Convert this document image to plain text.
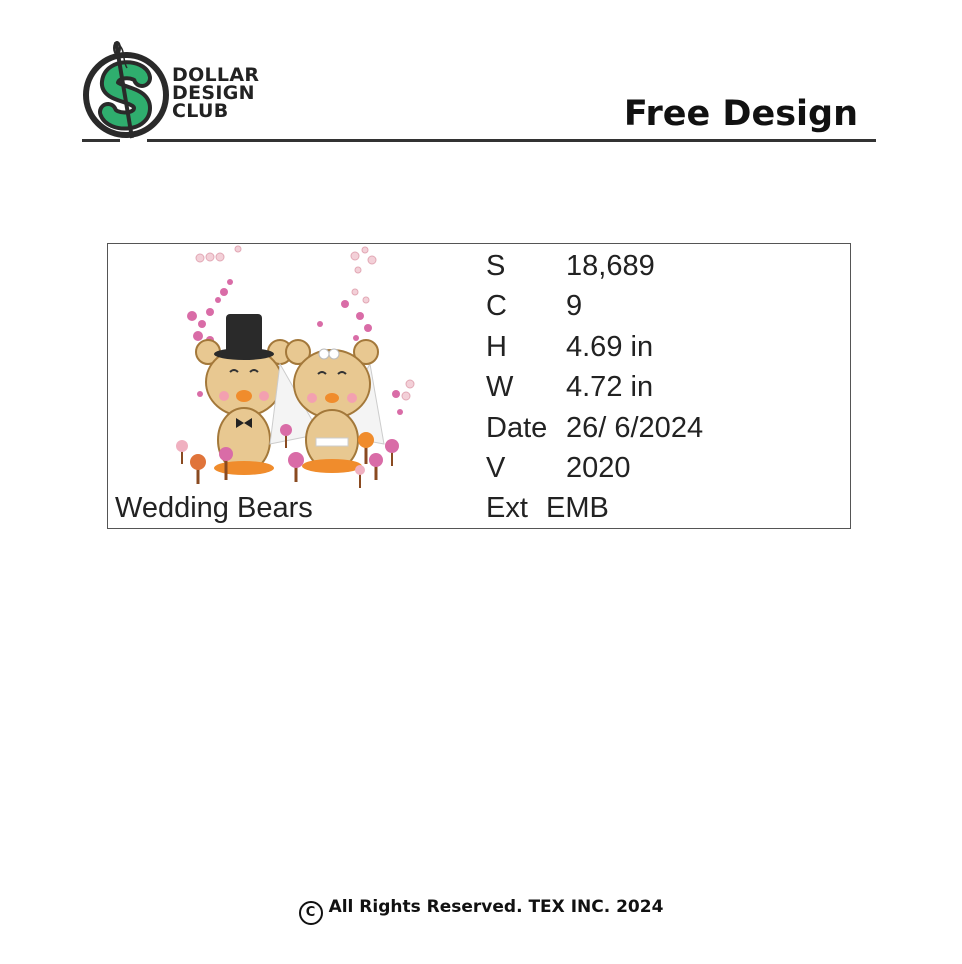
DOLLAR
DESIGN
CLUB	Free Design
Wedding Bears
S 18,689
C 9
H 4.69 in
W 4.72 in
Date 26/ 6/2024
V 2020
Ext EMB
C All Rights Reserved. TEX INC. 2024
